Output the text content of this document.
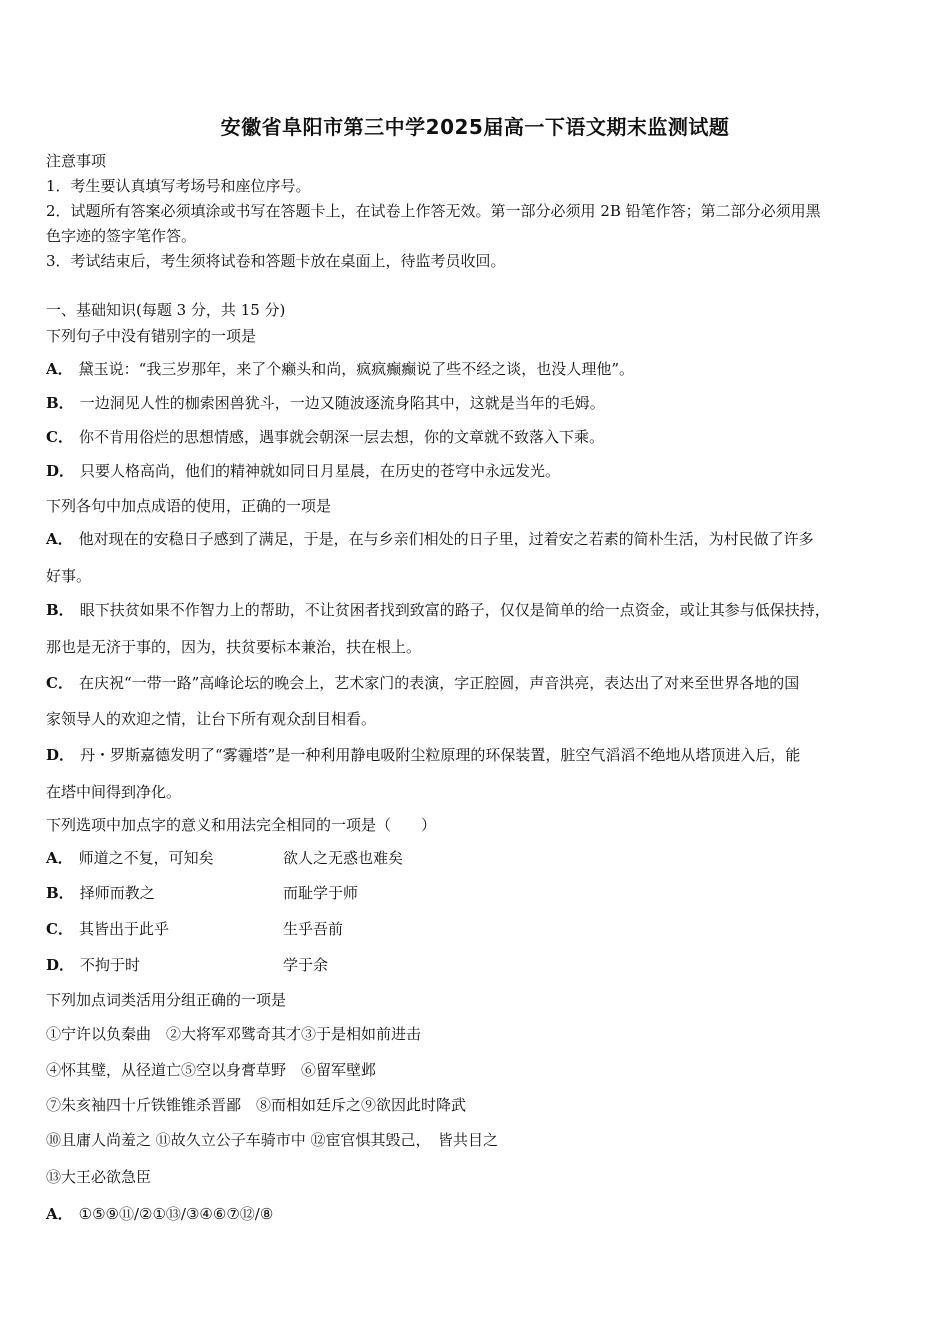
安徽省阜阳市第三中学2025届高一下语文期末监测试题
注意事项
1．考生要认真填写考场号和座位序号。
2．试题所有答案必须填涂或书写在答题卡上，在试卷上作答无效。第一部分必须用 2B 铅笔作答；第二部分必须用黑
色字迹的签字笔作答。
3．考试结束后，考生须将试卷和答题卡放在桌面上，待监考员收回。
一、基础知识(每题 3 分，共 15 分)
下列句子中没有错别字的一项是
A． 黛玉说：“我三岁那年，来了个癞头和尚，疯疯癫癫说了些不经之谈，也没人理他”。
B． 一边洞见人性的枷索困兽犹斗，一边又随波逐流身陷其中，这就是当年的毛姆。
C． 你不肯用俗烂的思想情感，遇事就会朝深一层去想，你的文章就不致落入下乘。
D． 只要人格高尚，他们的精神就如同日月星晨，在历史的苍穹中永远发光。
下列各句中加点成语的使用，正确的一项是
A． 他对现在的安稳日子感到了满足，于是，在与乡亲们相处的日子里，过着安之若素的简朴生活，为村民做了许多
好事。
B． 眼下扶贫如果不作智力上的帮助，不让贫困者找到致富的路子，仅仅是简单的给一点资金，或让其参与低保扶持，
那也是无济于事的，因为，扶贫要标本兼治，扶在根上。
C． 在庆祝“一带一路”高峰论坛的晚会上，艺术家门的表演，字正腔圆，声音洪亮，表达出了对来至世界各地的国
家领导人的欢迎之情，让台下所有观众刮目相看。
D． 丹・罗斯嘉德发明了“雾霾塔”是一种利用静电吸附尘粒原理的环保装置，脏空气滔滔不绝地从塔顶进入后，能
在塔中间得到净化。
下列选项中加点字的意义和用法完全相同的一项是（　　）
A． 师道之不复，可知矣	欲人之无惑也难矣
B． 择师而教之	而耻学于师
C． 其皆出于此乎	生乎吾前
D． 不拘于时	学于余
下列加点词类活用分组正确的一项是
①宁许以负秦曲　②大将军邓骘奇其才③于是相如前进击
④怀其璧，从径道亡⑤空以身膏草野　⑥留军壁邺
⑦朱亥袖四十斤铁锥锥杀晋鄙　⑧而相如廷斥之⑨欲因此时降武
⑩且庸人尚羞之 ⑪故久立公子车骑市中 ⑫宦官惧其毁己，　皆共目之
⑬大王必欲急臣
A． ①⑤⑨⑪/②①⑬/③④⑥⑦⑫/⑧
